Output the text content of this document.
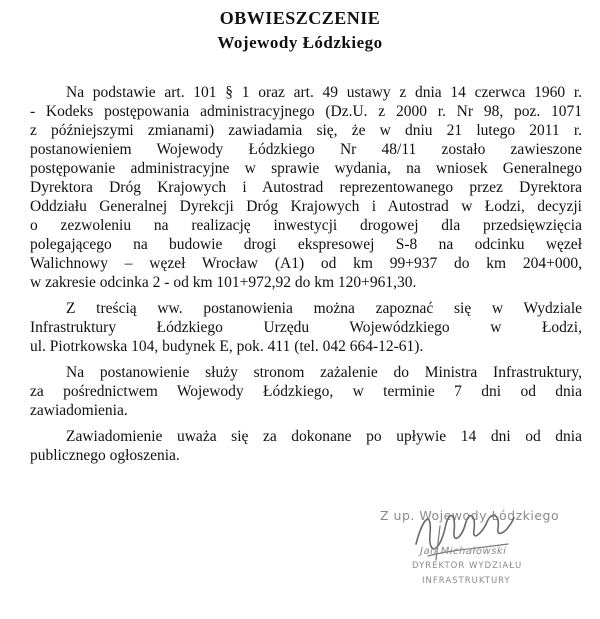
OBWIESZCZENIE
Wojewody Łódzkiego
Na podstawie art. 101 § 1 oraz art. 49 ustawy z dnia 14 czerwca 1960 r.
- Kodeks postępowania administracyjnego (Dz.U. z 2000 r. Nr 98, poz. 1071
z późniejszymi zmianami) zawiadamia się, że w dniu 21 lutego 2011 r.
postanowieniem Wojewody Łódzkiego Nr 48/11 zostało zawieszone
postępowanie administracyjne w sprawie wydania, na wniosek Generalnego
Dyrektora Dróg Krajowych i Autostrad reprezentowanego przez Dyrektora
Oddziału Generalnej Dyrekcji Dróg Krajowych i Autostrad w Łodzi, decyzji
o zezwoleniu na realizację inwestycji drogowej dla przedsięwzięcia
polegającego na budowie drogi ekspresowej S-8 na odcinku węzeł
Walichnowy – węzeł Wrocław (A1) od km 99+937 do km 204+000,
w zakresie odcinka 2 - od km 101+972,92 do km 120+961,30.
Z treścią ww. postanowienia można zapoznać się w Wydziale
Infrastruktury Łódzkiego Urzędu Wojewódzkiego w Łodzi,
ul. Piotrkowska 104, budynek E, pok. 411 (tel. 042 664-12-61).
Na postanowienie służy stronom zażalenie do Ministra Infrastruktury,
za pośrednictwem Wojewody Łódzkiego, w terminie 7 dni od dnia
zawiadomienia.
Zawiadomienie uważa się za dokonane po upływie 14 dni od dnia
publicznego ogłoszenia.
Z up. Wojewody Łódzkiego
Jan Michałowski
DYREKTOR WYDZIAŁU
INFRASTRUKTURY
